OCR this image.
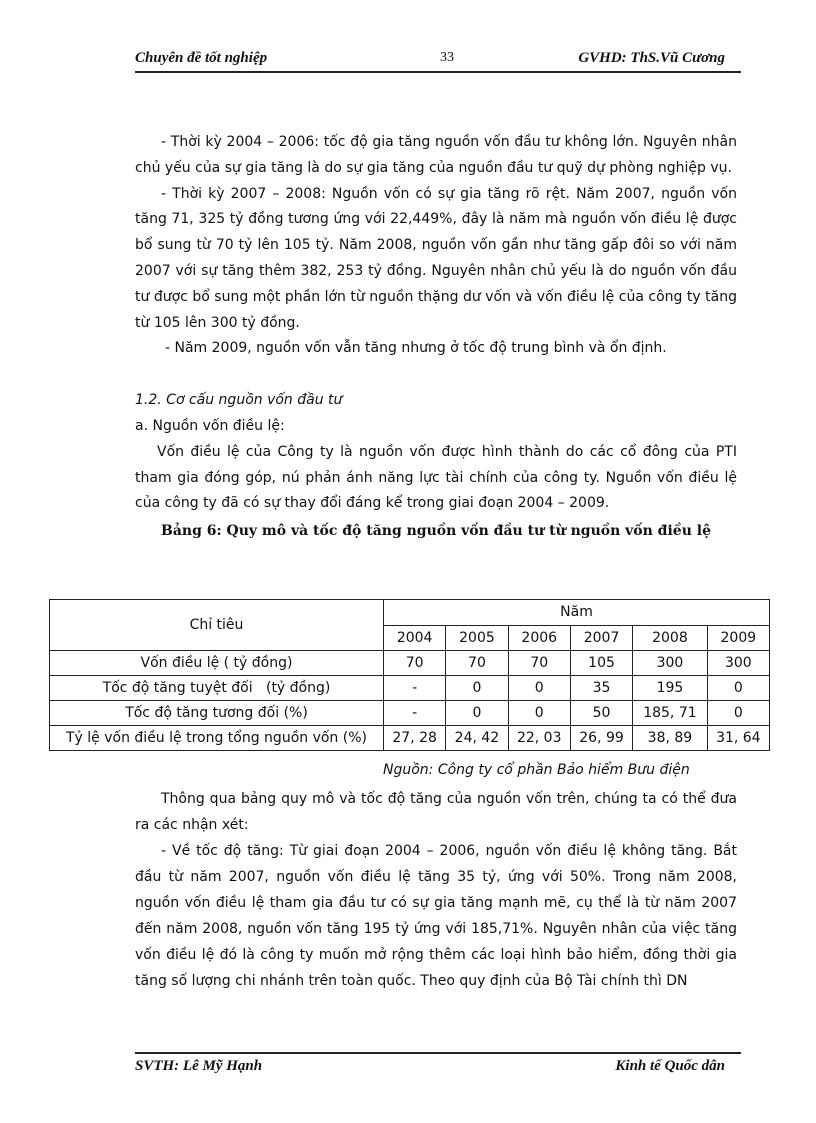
Chuyên đề tốt nghiệp	33	GVHD: ThS.Vũ Cương

- Thời kỳ 2004 – 2006: tốc độ gia tăng nguồn vốn đầu tư không lớn. Nguyên nhân chủ yếu của sự gia tăng là do sự gia tăng của nguồn đầu tư quỹ dự phòng nghiệp vụ.

- Thời kỳ 2007 – 2008: Nguồn vốn có sự gia tăng rõ rệt. Năm 2007, nguồn vốn tăng 71, 325 tỷ đồng tương ứng với 22,449%, đây là năm mà nguồn vốn điều lệ được bổ sung từ 70 tỷ lên 105 tỷ. Năm 2008, nguồn vốn gần như tăng gấp đôi so với năm 2007 với sự tăng thêm 382, 253 tỷ đồng. Nguyên nhân chủ yếu là do nguồn vốn đầu tư được bổ sung một phần lớn từ nguồn thặng dư vốn và vốn điều lệ của công ty tăng từ 105 lên 300 tỷ đồng.

- Năm 2009, nguồn vốn vẫn tăng nhưng ở tốc độ trung bình và ổn định.

1.2. Cơ cấu nguồn vốn đầu tư

a. Nguồn vốn điều lệ:

Vốn điều lệ của Công ty là nguồn vốn được hình thành do các cổ đông của PTI tham gia đóng góp, nú phản ánh năng lực tài chính của công ty. Nguồn vốn điều lệ của công ty đã có sự thay đổi đáng kể trong giai đoạn 2004 – 2009.

Bảng 6: Quy mô và tốc độ tăng nguồn vốn đầu tư từ nguồn vốn điều lệ

Chỉ tiêu	Năm					
	2004	2005	2006	2007	2008	2009
Vốn điều lệ ( tỷ đồng)	70	70	70	105	300	300
Tốc độ tăng tuyệt đối   (tỷ đồng)	-	0	0	35	195	0
Tốc độ tăng tương đối (%)	-	0	0	50	185, 71	0
Tỷ lệ vốn điều lệ trong tổng nguồn vốn (%)	27, 28	24, 42	22, 03	26, 99	38, 89	31, 64
Nguồn: Công ty cổ phần Bảo hiểm Bưu điện

Thông qua bảng quy mô và tốc độ tăng của nguồn vốn trên, chúng ta có thể đưa ra các nhận xét:

- Về tốc độ tăng: Từ giai đoạn 2004 – 2006, nguồn vốn điều lệ không tăng. Bắt đầu từ năm 2007, nguồn vốn điều lệ tăng 35 tỷ, ứng với 50%. Trong năm 2008, nguồn vốn điều lệ tham gia đầu tư có sự gia tăng mạnh mẽ, cụ thể là từ năm 2007 đến năm 2008, nguồn vốn tăng 195 tỷ ứng với 185,71%. Nguyên nhân của việc tăng vốn điều lệ đó là công ty muốn mở rộng thêm các loại hình bảo hiểm, đồng thời gia tăng số lượng chi nhánh trên toàn quốc. Theo quy định của Bộ Tài chính thì DN

SVTH: Lê Mỹ Hạnh	Kinh tế Quốc dân
